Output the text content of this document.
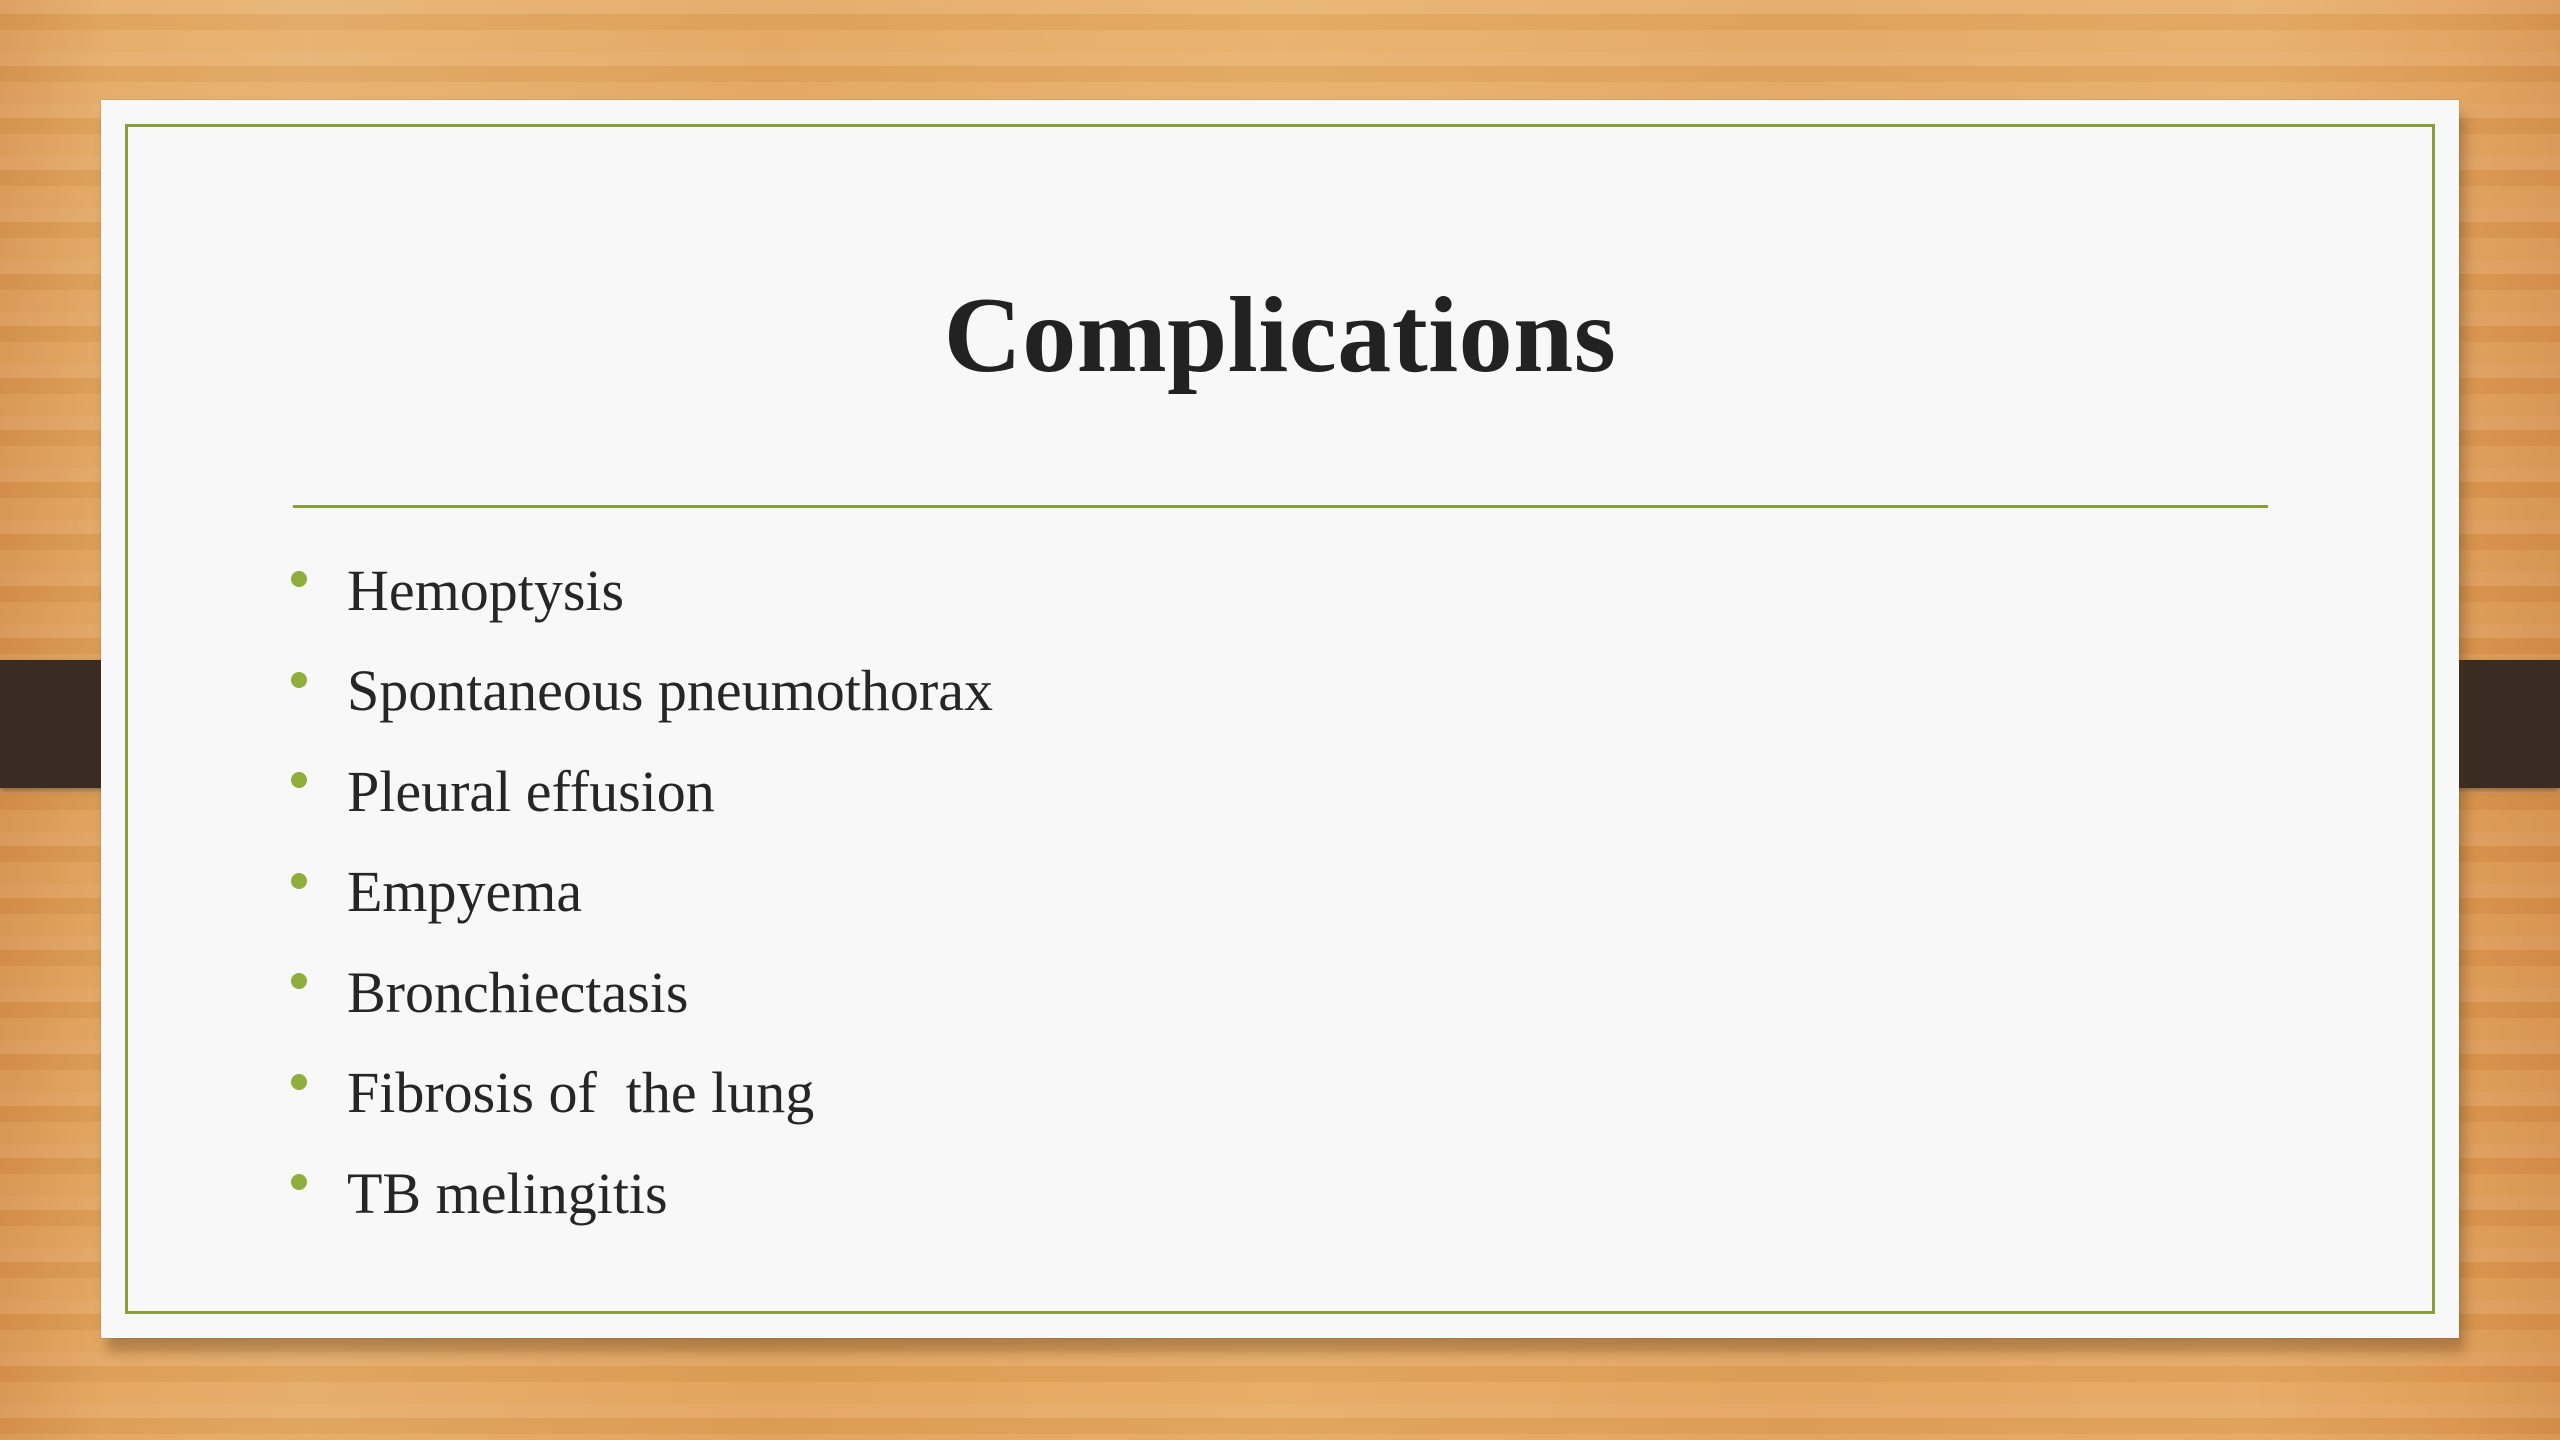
Complications
Hemoptysis
Spontaneous pneumothorax
Pleural effusion
Empyema
Bronchiectasis
Fibrosis of  the lung
TB melingitis
